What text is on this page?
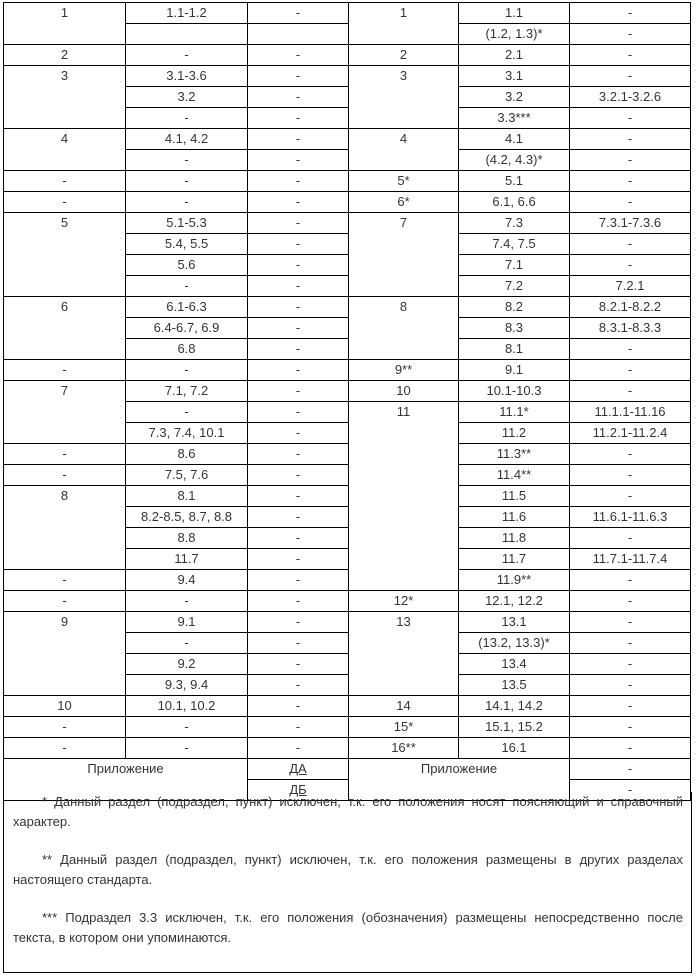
1	1.1-1.2	-	1	1.1	-
				(1.2, 1.3)*	-
2	-	-	2	2.1	-
3	3.1-3.6	-	3	3.1	-
	3.2	-		3.2	3.2.1-3.2.6
	-	-		3.3***	-
4	4.1, 4.2	-	4	4.1	-
	-	-		(4.2, 4.3)*	-
-	-	-	5*	5.1	-
-	-	-	6*	6.1, 6.6	-
5	5.1-5.3	-	7	7.3	7.3.1-7.3.6
	5.4, 5.5	-		7.4, 7.5	-
	5.6	-		7.1	-
	-	-		7.2	7.2.1
6	6.1-6.3	-	8	8.2	8.2.1-8.2.2
	6.4-6.7, 6.9	-		8.3	8.3.1-8.3.3
	6.8	-		8.1	-
-	-	-	9**	9.1	-
7	7.1, 7.2	-	10	10.1-10.3	-
	-	-	11	11.1*	11.1.1-11.16
	7.3, 7.4, 10.1	-		11.2	11.2.1-11.2.4
-	8.6	-		11.3**	-
-	7.5, 7.6	-		11.4**	-
8	8.1	-		11.5	-
	8.2-8.5, 8.7, 8.8	-		11.6	11.6.1-11.6.3
	8.8	-		11.8	-
	11.7	-		11.7	11.7.1-11.7.4
-	9.4	-		11.9**	-
-	-	-	12*	12.1, 12.2	-
9	9.1	-	13	13.1	-
	-	-		(13.2, 13.3)*	-
	9.2	-		13.4	-
	9.3, 9.4	-		13.5	-
10	10.1, 10.2	-	14	14.1, 14.2	-
-	-	-	15*	15.1, 15.2	-
-	-	-	16**	16.1	-
Приложение		ДА	Приложение		-
		ДБ			-

* Данный раздел (подраздел, пункт) исключен, т.к. его положения носят поясняющий и справочный характер.

** Данный раздел (подраздел, пункт) исключен, т.к. его положения размещены в других разделах настоящего стандарта.

*** Подраздел 3.3 исключен, т.к. его положения (обозначения) размещены непосредственно после текста, в котором они упоминаются.
